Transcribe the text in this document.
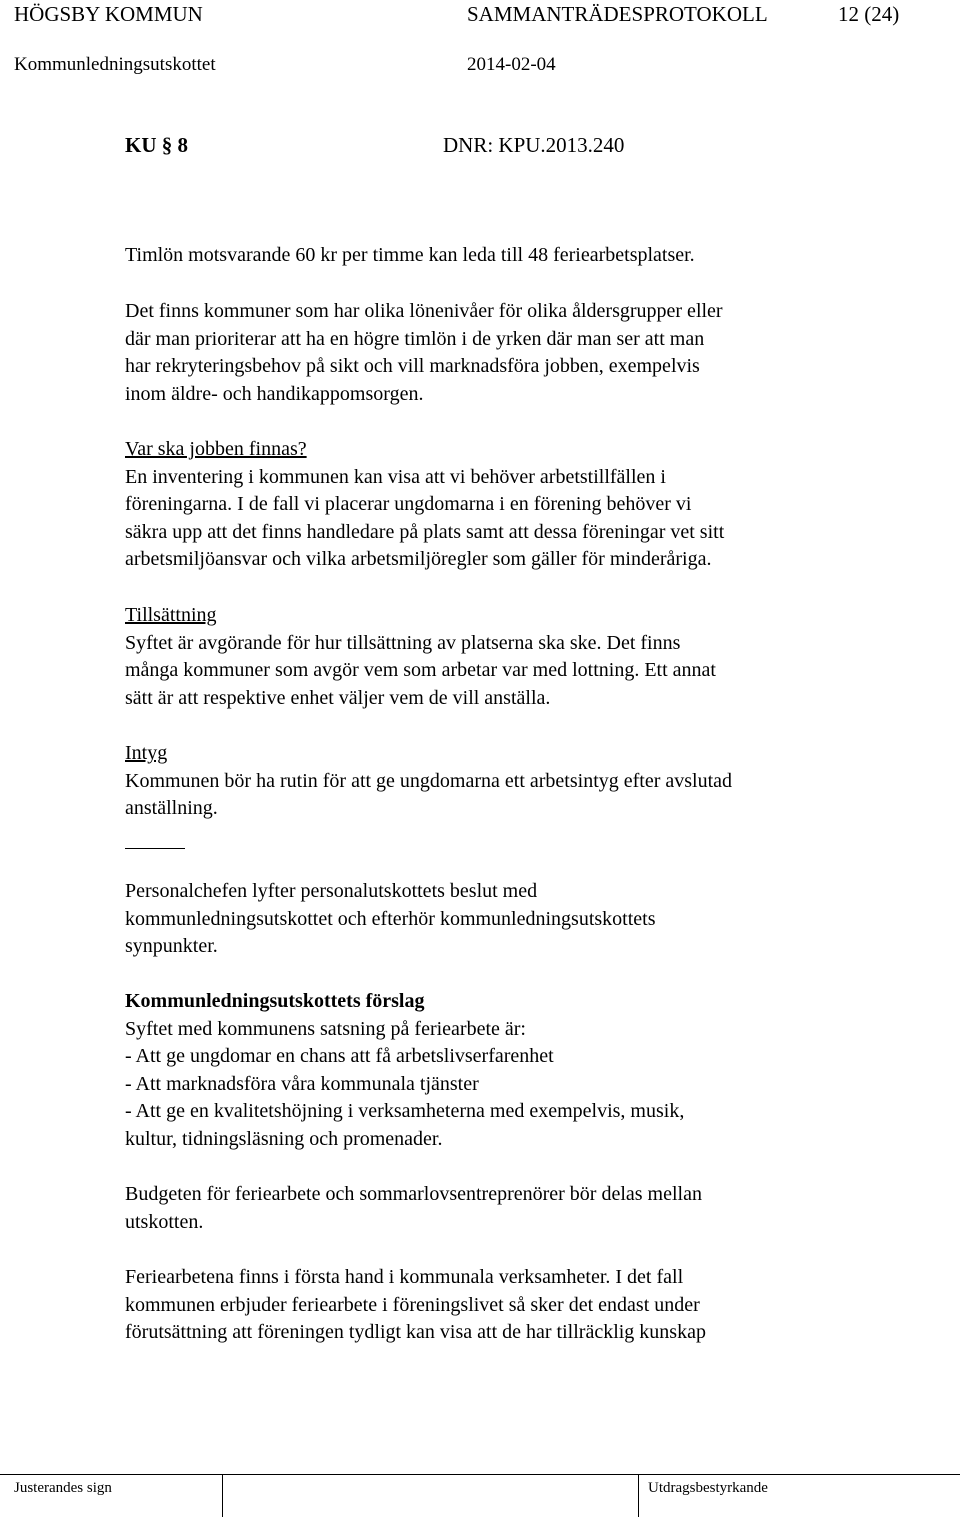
HÖGSBY KOMMUN	SAMMANTRÄDESPROTOKOLL	12 (24)
Kommunledningsutskottet	2014-02-04
KU § 8	DNR: KPU.2013.240
Timlön motsvarande 60 kr per timme kan leda till 48 feriearbetsplatser.
Det finns kommuner som har olika lönenivåer för olika åldersgrupper eller
där man prioriterar att ha en högre timlön i de yrken där man ser att man
har rekryteringsbehov på sikt och vill marknadsföra jobben, exempelvis
inom äldre- och handikappomsorgen.
Var ska jobben finnas?
En inventering i kommunen kan visa att vi behöver arbetstillfällen i
föreningarna. I de fall vi placerar ungdomarna i en förening behöver vi
säkra upp att det finns handledare på plats samt att dessa föreningar vet sitt
arbetsmiljöansvar och vilka arbetsmiljöregler som gäller för minderåriga.
Tillsättning
Syftet är avgörande för hur tillsättning av platserna ska ske. Det finns
många kommuner som avgör vem som arbetar var med lottning. Ett annat
sätt är att respektive enhet väljer vem de vill anställa.
Intyg
Kommunen bör ha rutin för att ge ungdomarna ett arbetsintyg efter avslutad
anställning.
Personalchefen lyfter personalutskottets beslut med
kommunledningsutskottet och efterhör kommunledningsutskottets
synpunkter.
Kommunledningsutskottets förslag
Syftet med kommunens satsning på feriearbete är:
- Att ge ungdomar en chans att få arbetslivserfarenhet
- Att marknadsföra våra kommunala tjänster
- Att ge en kvalitetshöjning i verksamheterna med exempelvis, musik,
kultur, tidningsläsning och promenader.
Budgeten för feriearbete och sommarlovsentreprenörer bör delas mellan
utskotten.
Feriearbetena finns i första hand i kommunala verksamheter. I det fall
kommunen erbjuder feriearbete i föreningslivet så sker det endast under
förutsättning att föreningen tydligt kan visa att de har tillräcklig kunskap
Justerandes sign	Utdragsbestyrkande
